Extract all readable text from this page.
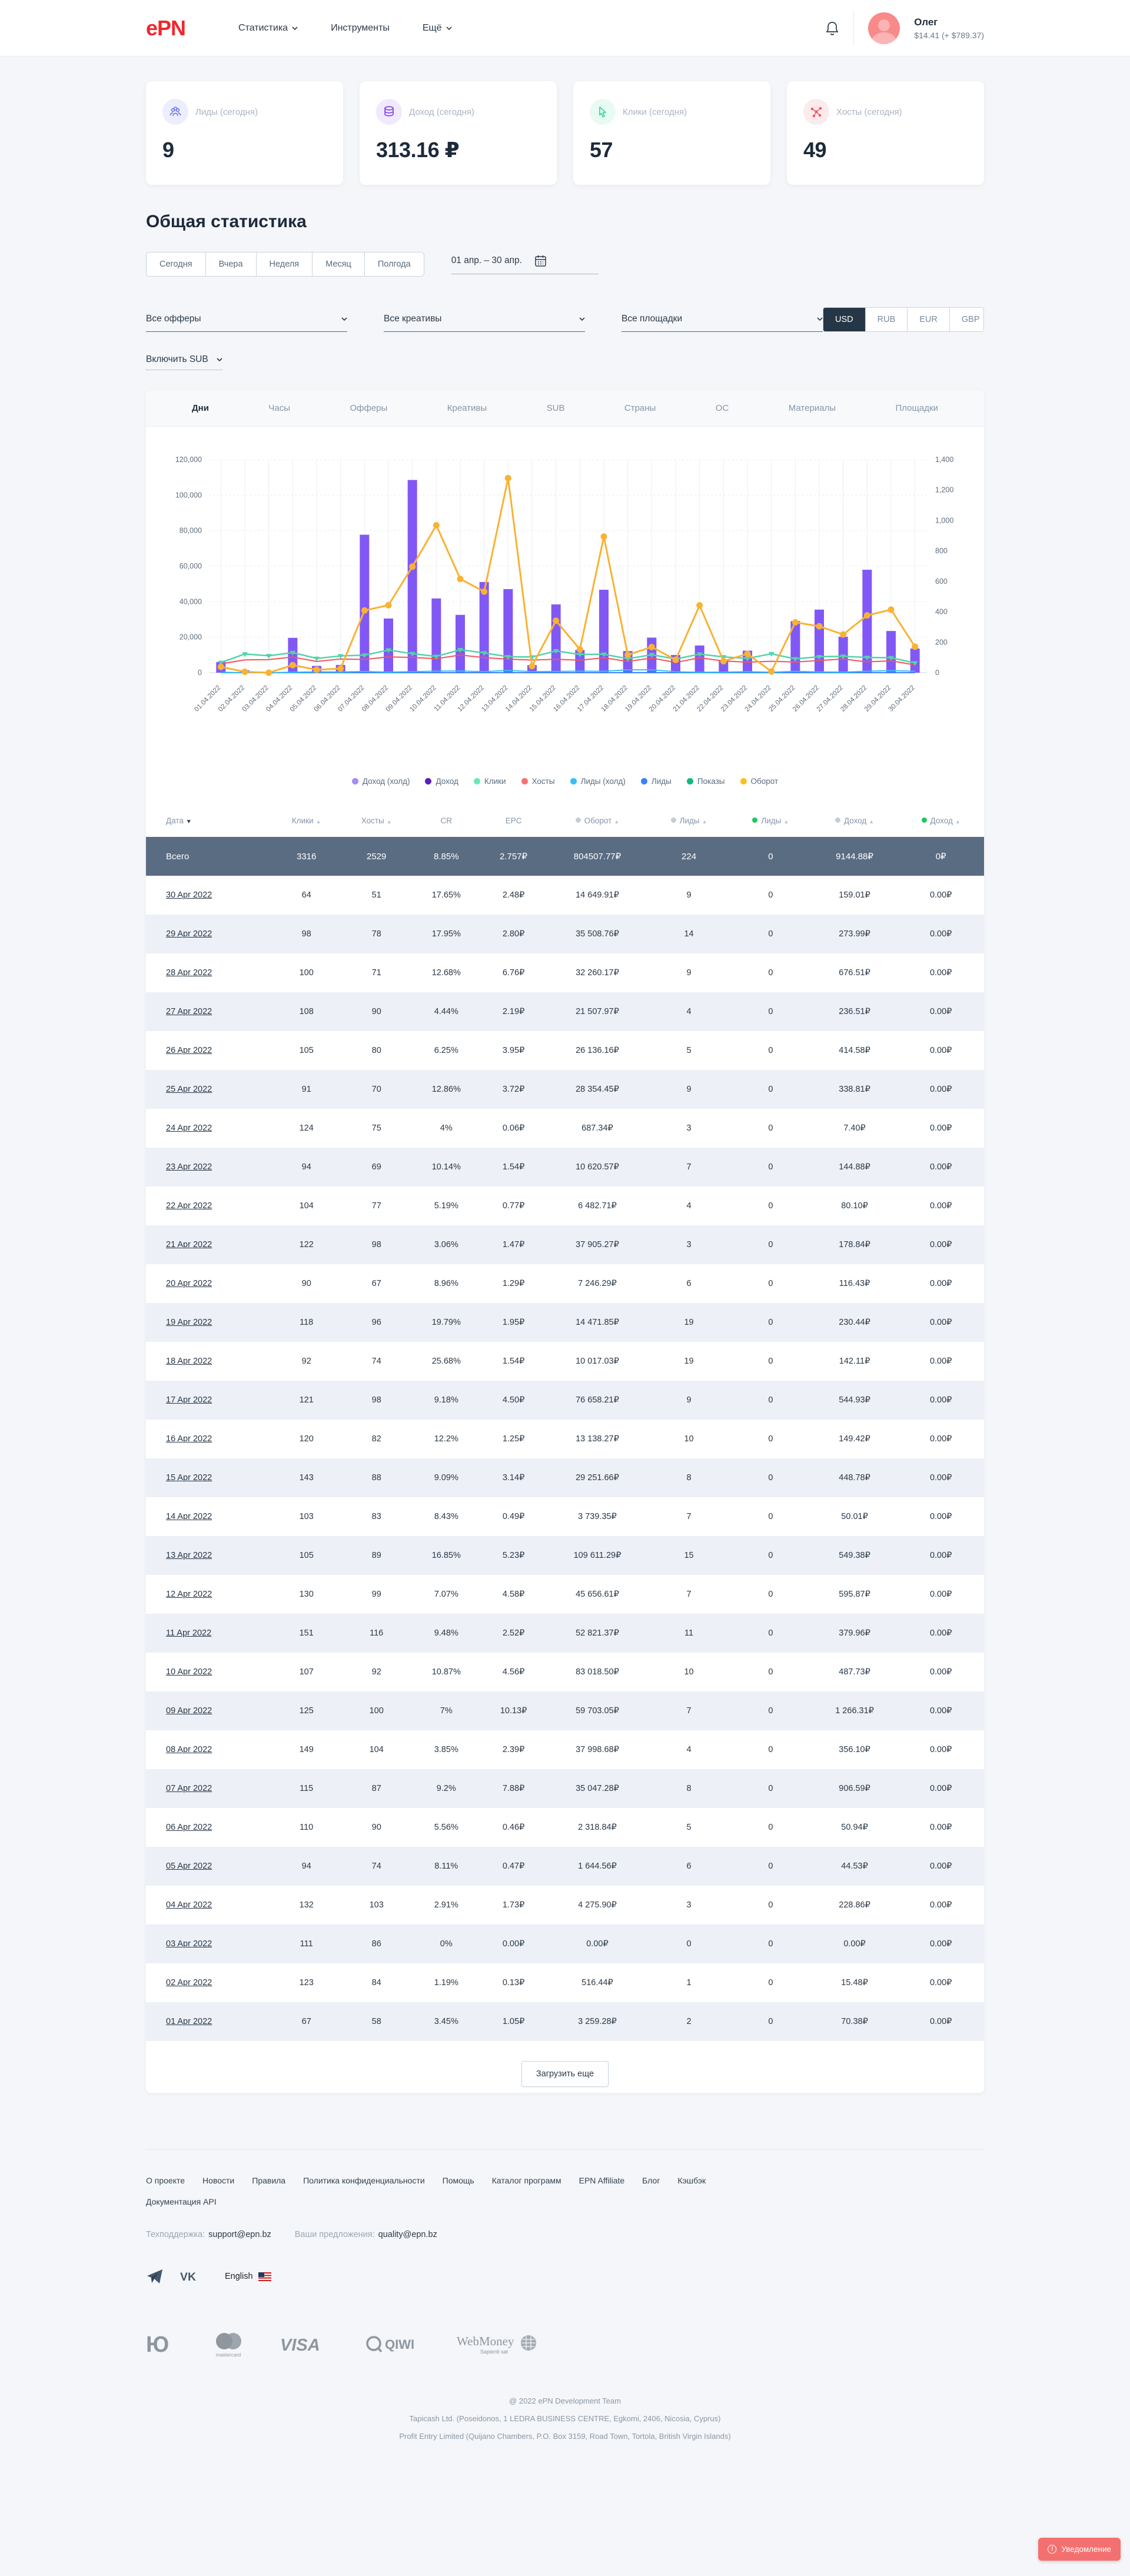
ePN	Статистика	Инструменты	Ещё
Олег
$14.41 (+ $789.37)
Лиды (сегодня)
9
Доход (сегодня)
313.16 ₽
Клики (сегодня)
57
Хосты (сегодня)
49
Общая статистика
Сегодня	Вчера	Неделя	Месяц	Полгода	01 апр. – 30 апр.
Все офферы	Все креативы	Все площадки	USD	RUB	EUR	GBP
Включить SUB
Дни	Часы	Офферы	Креативы	SUB	Страны	ОС	Материалы	Площадки
0
20,000
40,000
60,000
80,000
100,000
120,000
0
200
400
600
800
1,000
1,200
1,400
01.04.2022
02.04.2022
03.04.2022
04.04.2022
05.04.2022
06.04.2022
07.04.2022
08.04.2022
09.04.2022
10.04.2022
11.04.2022
12.04.2022
13.04.2022
14.04.2022
15.04.2022
16.04.2022
17.04.2022
18.04.2022
19.04.2022
20.04.2022
21.04.2022
22.04.2022
23.04.2022
24.04.2022
25.04.2022
26.04.2022
27.04.2022
28.04.2022
29.04.2022
30.04.2022
Доход (холд)	Доход	Клики	Хосты	Лиды (холд)	Лиды	Показы	Оборот
Дата ▼	Клики ▲	Хосты ▲	CR	EPC	Оборот ▲	Лиды ▲	Лиды ▲	Доход ▲	Доход ▲
Всего	3316	2529	8.85%	2.757₽	804507.77₽	224	0	9144.88₽	0₽
30 Apr 2022	64	51	17.65%	2.48₽	14 649.91₽	9	0	159.01₽	0.00₽
29 Apr 2022	98	78	17.95%	2.80₽	35 508.76₽	14	0	273.99₽	0.00₽
28 Apr 2022	100	71	12.68%	6.76₽	32 260.17₽	9	0	676.51₽	0.00₽
27 Apr 2022	108	90	4.44%	2.19₽	21 507.97₽	4	0	236.51₽	0.00₽
26 Apr 2022	105	80	6.25%	3.95₽	26 136.16₽	5	0	414.58₽	0.00₽
25 Apr 2022	91	70	12.86%	3.72₽	28 354.45₽	9	0	338.81₽	0.00₽
24 Apr 2022	124	75	4%	0.06₽	687.34₽	3	0	7.40₽	0.00₽
23 Apr 2022	94	69	10.14%	1.54₽	10 620.57₽	7	0	144.88₽	0.00₽
22 Apr 2022	104	77	5.19%	0.77₽	6 482.71₽	4	0	80.10₽	0.00₽
21 Apr 2022	122	98	3.06%	1.47₽	37 905.27₽	3	0	178.84₽	0.00₽
20 Apr 2022	90	67	8.96%	1.29₽	7 246.29₽	6	0	116.43₽	0.00₽
19 Apr 2022	118	96	19.79%	1.95₽	14 471.85₽	19	0	230.44₽	0.00₽
18 Apr 2022	92	74	25.68%	1.54₽	10 017.03₽	19	0	142.11₽	0.00₽
17 Apr 2022	121	98	9.18%	4.50₽	76 658.21₽	9	0	544.93₽	0.00₽
16 Apr 2022	120	82	12.2%	1.25₽	13 138.27₽	10	0	149.42₽	0.00₽
15 Apr 2022	143	88	9.09%	3.14₽	29 251.66₽	8	0	448.78₽	0.00₽
14 Apr 2022	103	83	8.43%	0.49₽	3 739.35₽	7	0	50.01₽	0.00₽
13 Apr 2022	105	89	16.85%	5.23₽	109 611.29₽	15	0	549.38₽	0.00₽
12 Apr 2022	130	99	7.07%	4.58₽	45 656.61₽	7	0	595.87₽	0.00₽
11 Apr 2022	151	116	9.48%	2.52₽	52 821.37₽	11	0	379.96₽	0.00₽
10 Apr 2022	107	92	10.87%	4.56₽	83 018.50₽	10	0	487.73₽	0.00₽
09 Apr 2022	125	100	7%	10.13₽	59 703.05₽	7	0	1 266.31₽	0.00₽
08 Apr 2022	149	104	3.85%	2.39₽	37 998.68₽	4	0	356.10₽	0.00₽
07 Apr 2022	115	87	9.2%	7.88₽	35 047.28₽	8	0	906.59₽	0.00₽
06 Apr 2022	110	90	5.56%	0.46₽	2 318.84₽	5	0	50.94₽	0.00₽
05 Apr 2022	94	74	8.11%	0.47₽	1 644.56₽	6	0	44.53₽	0.00₽
04 Apr 2022	132	103	2.91%	1.73₽	4 275.90₽	3	0	228.86₽	0.00₽
03 Apr 2022	111	86	0%	0.00₽	0.00₽	0	0	0.00₽	0.00₽
02 Apr 2022	123	84	1.19%	0.13₽	516.44₽	1	0	15.48₽	0.00₽
01 Apr 2022	67	58	3.45%	1.05₽	3 259.28₽	2	0	70.38₽	0.00₽
Загрузить еще
О проекте Новости Правила Политика конфиденциальности Помощь Каталог программ EPN Affiliate Блог Кэшбэк
Документация API
Техподдержка: support@epn.bz	Ваши предложения: quality@epn.bz
VK	English
Ю	mastercard VISA	QIWI	WebMoney
Sapienti sat
@ 2022 ePN Development Team
Tapicash Ltd. (Poseidonos, 1 LEDRA BUSINESS CENTRE, Egkomi, 2406, Nicosia, Cyprus)
Profit Entry Limited (Quijano Chambers, P.O. Box 3159, Road Town, Tortola, British Virgin Islands)
!	Уведомление
